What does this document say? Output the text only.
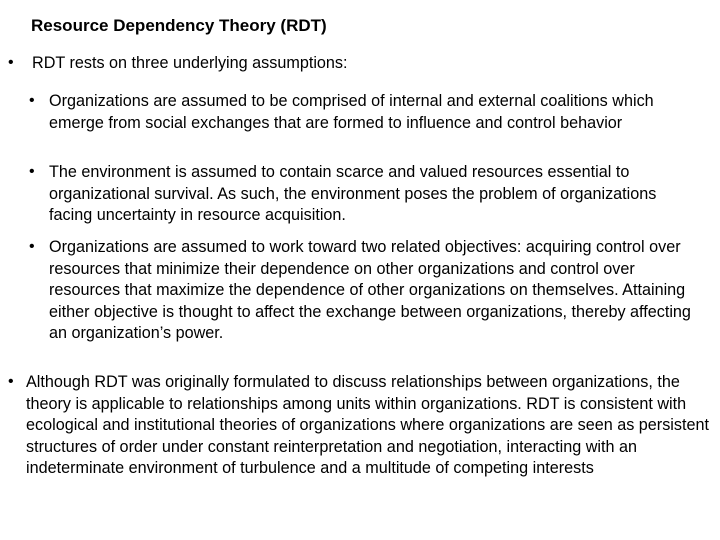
Resource Dependency Theory (RDT)
•	RDT rests on three underlying assumptions:
• Organizations are assumed to be comprised of internal and external coalitions which emerge from social exchanges that are formed to influence and control behavior
• The environment is assumed to contain scarce and valued resources essential to organizational survival. As such, the environment poses the problem of organizations facing uncertainty in resource acquisition.
• Organizations are assumed to work toward two related objectives: acquiring control over resources that minimize their dependence on other organizations and control over resources that maximize the dependence of other organizations on themselves. Attaining either objective is thought to affect the exchange between organizations, thereby affecting an organization’s power.
• Although RDT was originally formulated to discuss relationships between organizations, the theory is applicable to relationships among units within organizations. RDT is consistent with ecological and institutional theories of organizations where organizations are seen as persistent structures of order under constant reinterpretation and negotiation, interacting with an indeterminate environment of turbulence and a multitude of competing interests
